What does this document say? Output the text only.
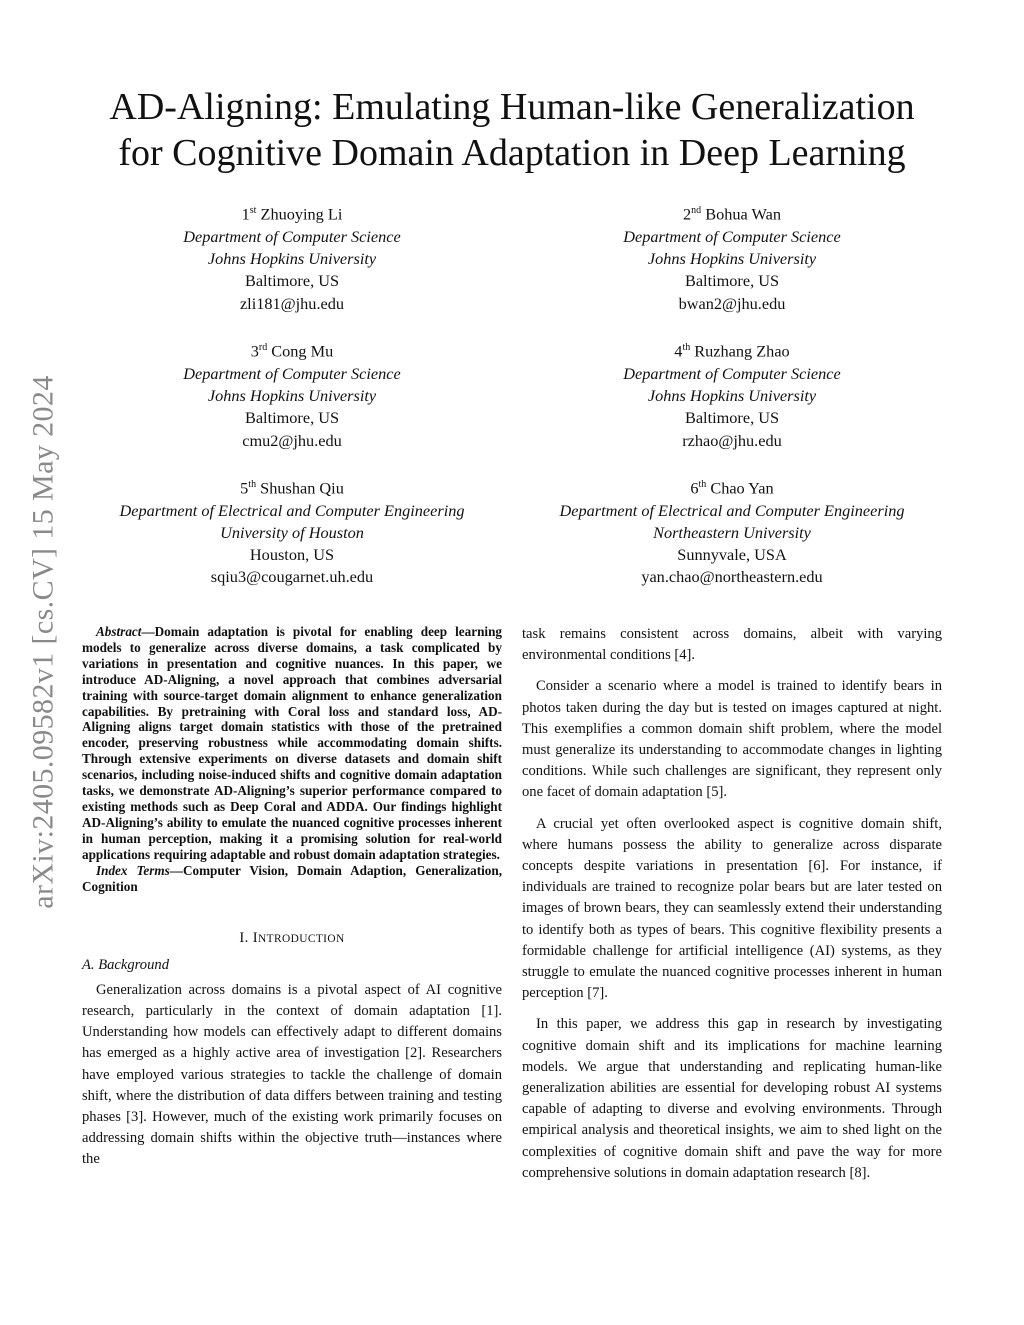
arXiv:2405.09582v1 [cs.CV] 15 May 2024
AD-Aligning: Emulating Human-like Generalization
for Cognitive Domain Adaptation in Deep Learning
1st Zhuoying Li
Department of Computer Science
Johns Hopkins University
Baltimore, US
zli181@jhu.edu
2nd Bohua Wan
Department of Computer Science
Johns Hopkins University
Baltimore, US
bwan2@jhu.edu
3rd Cong Mu
Department of Computer Science
Johns Hopkins University
Baltimore, US
cmu2@jhu.edu
4th Ruzhang Zhao
Department of Computer Science
Johns Hopkins University
Baltimore, US
rzhao@jhu.edu
5th Shushan Qiu
Department of Electrical and Computer Engineering
University of Houston
Houston, US
sqiu3@cougarnet.uh.edu
6th Chao Yan
Department of Electrical and Computer Engineering
Northeastern University
Sunnyvale, USA
yan.chao@northeastern.edu

Abstract—Domain adaptation is pivotal for enabling deep learning models to generalize across diverse domains, a task complicated by variations in presentation and cognitive nuances. In this paper, we introduce AD-Aligning, a novel approach that combines adversarial training with source-target domain alignment to enhance generalization capabilities. By pretraining with Coral loss and standard loss, AD-Aligning aligns target domain statistics with those of the pretrained encoder, preserving robustness while accommodating domain shifts. Through extensive experiments on diverse datasets and domain shift scenarios, including noise-induced shifts and cognitive domain adaptation tasks, we demonstrate AD-Aligning’s superior performance compared to existing methods such as Deep Coral and ADDA. Our findings highlight AD-Aligning’s ability to emulate the nuanced cognitive processes inherent in human perception, making it a promising solution for real-world applications requiring adaptable and robust domain adaptation strategies.

Index Terms—Computer Vision, Domain Adaption, Generalization, Cognition

I. INTRODUCTION
A. Background

Generalization across domains is a pivotal aspect of AI cognitive research, particularly in the context of domain adaptation [1]. Understanding how models can effectively adapt to different domains has emerged as a highly active area of investigation [2]. Researchers have employed various strategies to tackle the challenge of domain shift, where the distribution of data differs between training and testing phases [3]. However, much of the existing work primarily focuses on addressing domain shifts within the objective truth—instances where the

task remains consistent across domains, albeit with varying environmental conditions [4].

Consider a scenario where a model is trained to identify bears in photos taken during the day but is tested on images captured at night. This exemplifies a common domain shift problem, where the model must generalize its understanding to accommodate changes in lighting conditions. While such challenges are significant, they represent only one facet of domain adaptation [5].

A crucial yet often overlooked aspect is cognitive domain shift, where humans possess the ability to generalize across disparate concepts despite variations in presentation [6]. For instance, if individuals are trained to recognize polar bears but are later tested on images of brown bears, they can seamlessly extend their understanding to identify both as types of bears. This cognitive flexibility presents a formidable challenge for artificial intelligence (AI) systems, as they struggle to emulate the nuanced cognitive processes inherent in human perception [7].

In this paper, we address this gap in research by investigating cognitive domain shift and its implications for machine learning models. We argue that understanding and replicating human-like generalization abilities are essential for developing robust AI systems capable of adapting to diverse and evolving environments. Through empirical analysis and theoretical insights, we aim to shed light on the complexities of cognitive domain shift and pave the way for more comprehensive solutions in domain adaptation research [8].
